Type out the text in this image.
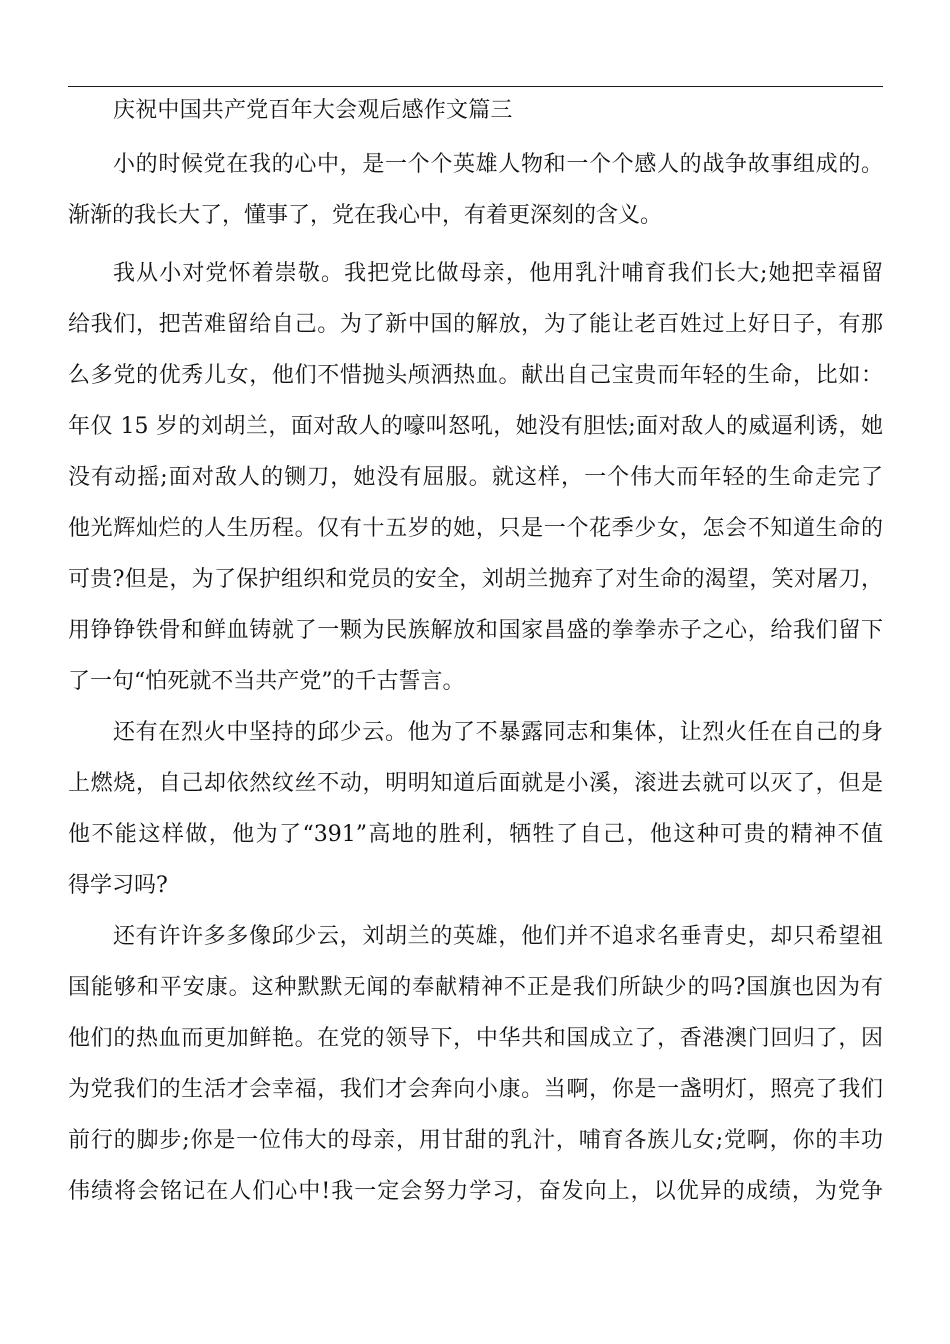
庆祝中国共产党百年大会观后感作文篇三
小的时候党在我的心中，是一个个英雄人物和一个个感人的战争故事组成的。
渐渐的我长大了，懂事了，党在我心中，有着更深刻的含义。
我从小对党怀着崇敬。我把党比做母亲，他用乳汁哺育我们长大;她把幸福留
给我们，把苦难留给自己。为了新中国的解放，为了能让老百姓过上好日子，有那
么多党的优秀儿女，他们不惜抛头颅洒热血。献出自己宝贵而年轻的生命，比如：
年仅 15 岁的刘胡兰，面对敌人的嚎叫怒吼，她没有胆怯;面对敌人的威逼利诱，她
没有动摇;面对敌人的铡刀，她没有屈服。就这样，一个伟大而年轻的生命走完了
他光辉灿烂的人生历程。仅有十五岁的她，只是一个花季少女，怎会不知道生命的
可贵?但是，为了保护组织和党员的安全，刘胡兰抛弃了对生命的渴望，笑对屠刀，
用铮铮铁骨和鲜血铸就了一颗为民族解放和国家昌盛的拳拳赤子之心，给我们留下
了一句“怕死就不当共产党”的千古誓言。
还有在烈火中坚持的邱少云。他为了不暴露同志和集体，让烈火任在自己的身
上燃烧，自己却依然纹丝不动，明明知道后面就是小溪，滚进去就可以灭了，但是
他不能这样做，他为了“391”高地的胜利，牺牲了自己，他这种可贵的精神不值
得学习吗?
还有许许多多像邱少云，刘胡兰的英雄，他们并不追求名垂青史，却只希望祖
国能够和平安康。这种默默无闻的奉献精神不正是我们所缺少的吗?国旗也因为有
他们的热血而更加鲜艳。在党的领导下，中华共和国成立了，香港澳门回归了，因
为党我们的生活才会幸福，我们才会奔向小康。当啊，你是一盏明灯，照亮了我们
前行的脚步;你是一位伟大的母亲，用甘甜的乳汁，哺育各族儿女;党啊，你的丰功
伟绩将会铭记在人们心中!我一定会努力学习，奋发向上，以优异的成绩，为党争
